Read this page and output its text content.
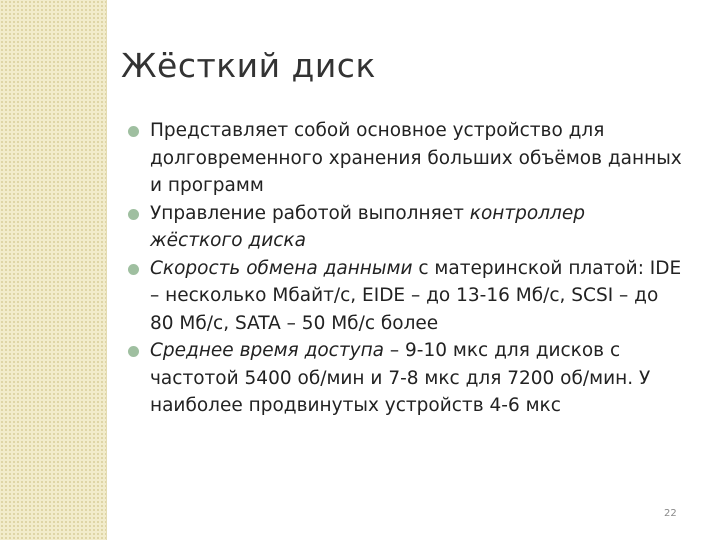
Жёсткий диск
Представляет собой основное устройство для долговременного хранения больших объёмов данных и программ
Управление работой выполняет контроллер жёсткого диска
Скорость обмена данными с материнской платой: IDE – несколько Мбайт/с, EIDE – до 13-16 Мб/с, SCSI – до 80 Мб/с, SATA – 50 Мб/с более
Среднее время доступа – 9-10 мкс для дисков с частотой 5400 об/мин и 7-8 мкс для 7200 об/мин. У наиболее продвинутых устройств 4-6 мкс
22
